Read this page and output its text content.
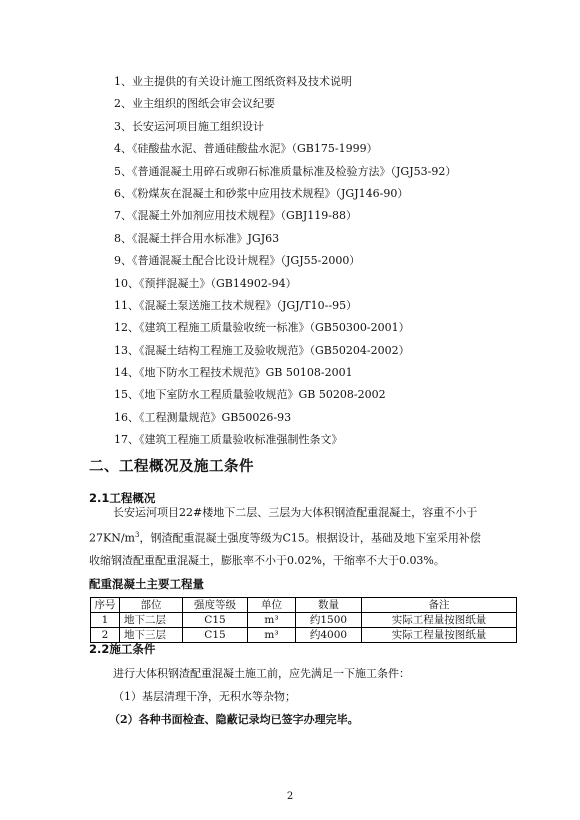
1、业主提供的有关设计施工图纸资料及技术说明
2、业主组织的图纸会审会议纪要
3、长安运河项目施工组织设计
4、《硅酸盐水泥、普通硅酸盐水泥》（GB175-1999）
5、《普通混凝土用碎石或卵石标准质量标准及检验方法》（JGJ53-92）
6、《粉煤灰在混凝土和砂浆中应用技术规程》（JGJ146-90）
7、《混凝土外加剂应用技术规程》（GBJ119-88）
8、《混凝土拌合用水标准》JGJ63
9、《普通混凝土配合比设计规程》（JGJ55-2000）
10、《预拌混凝土》（GB14902-94）
11、《混凝土泵送施工技术规程》（JGJ/T10--95）
12、《建筑工程施工质量验收统一标准》（GB50300-2001）
13、《混凝土结构工程施工及验收规范》（GB50204-2002）
14、《地下防水工程技术规范》GB 50108-2001
15、《地下室防水工程质量验收规范》GB 50208-2002
16、《工程测量规范》GB50026-93
17、《建筑工程施工质量验收标准强制性条文》
二、工程概况及施工条件
2.1工程概况

长安运河项目22#楼地下二层、三层为大体积钢渣配重混凝土，容重不小于

$27KN/m^3$，钢渣配重混凝土强度等级为C15。根据设计，基础及地下室采用补偿

收缩钢渣配重配重混凝土，膨胀率不小于0.02%，干缩率不大于0.03%。

配重混凝土主要工程量
序号	部位	强度等级	单位	数量	备注
1	地下二层	C15	m³	约1500	实际工程量按图纸量
2	地下三层	C15	m³	约4000	实际工程量按图纸量
2.2施工条件

进行大体积钢渣配重混凝土施工前，应先满足一下施工条件：

（1）基层清理干净，无积水等杂物；

（2）各种书面检查、隐蔽记录均已签字办理完毕。

2
